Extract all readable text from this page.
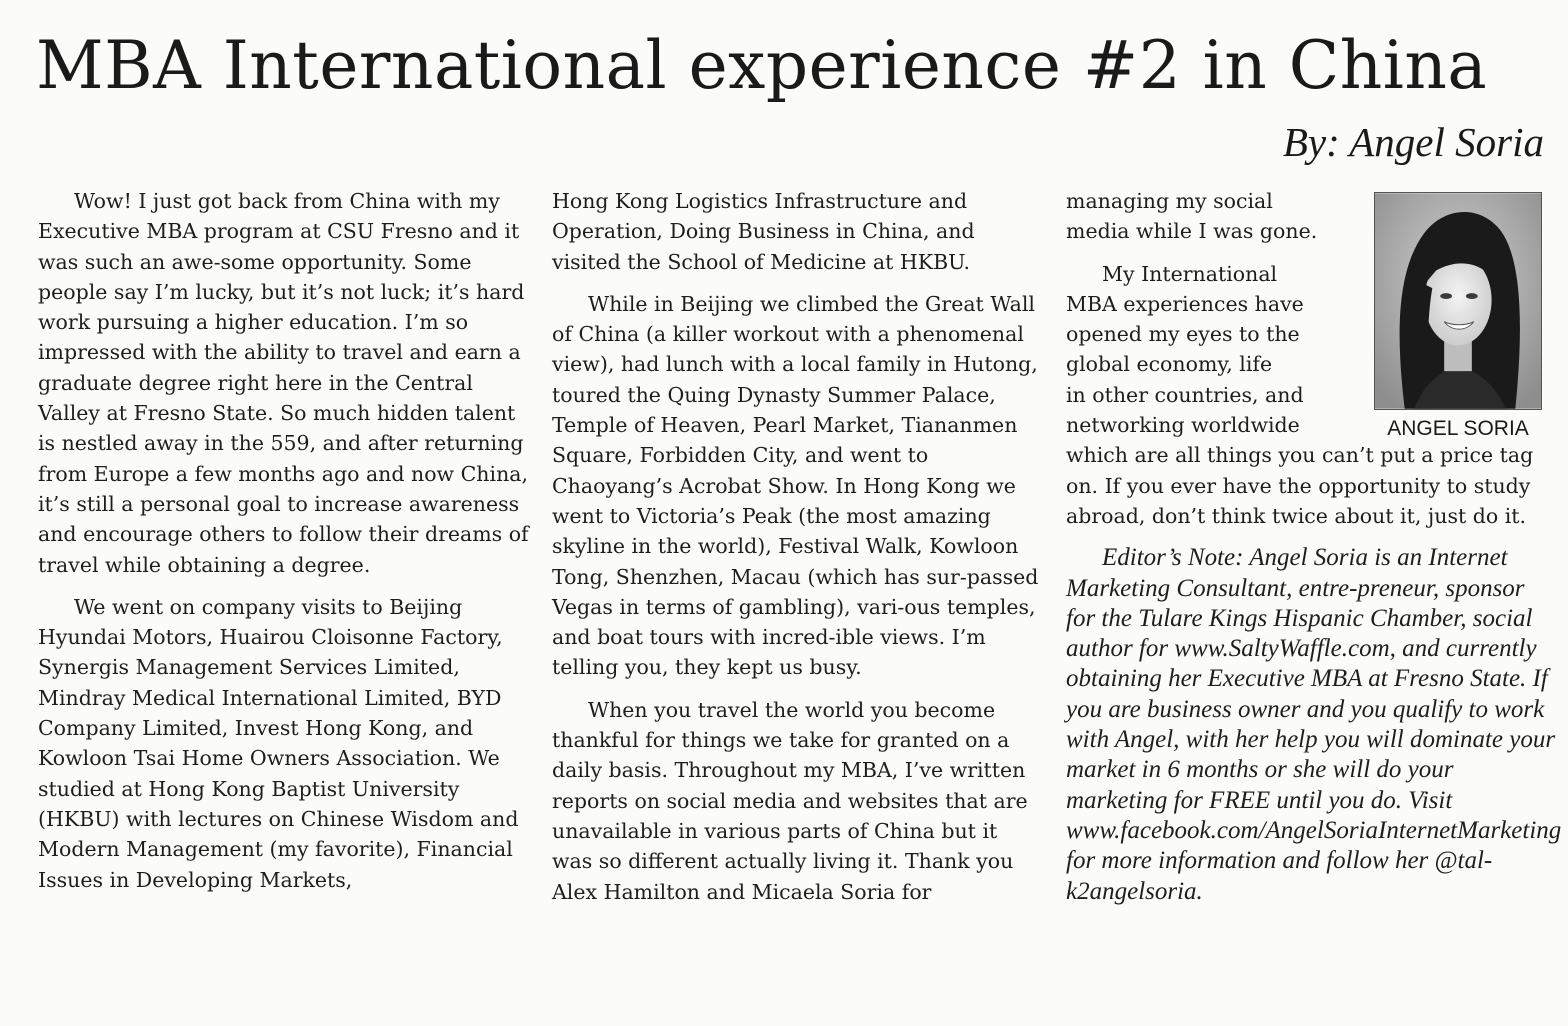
MBA International experience #2 in China
By: Angel Soria

Wow! I just got back from China with my Executive MBA program at CSU Fresno and it was such an awe-some opportunity. Some people say I’m lucky, but it’s not luck; it’s hard work pursuing a higher education. I’m so impressed with the ability to travel and earn a graduate degree right here in the Central Valley at Fresno State. So much hidden talent is nestled away in the 559, and after returning from Europe a few months ago and now China, it’s still a personal goal to increase awareness and encourage others to follow their dreams of travel while obtaining a degree.

We went on company visits to Beijing Hyundai Motors, Huairou Cloisonne Factory, Synergis Management Services Limited, Mindray Medical International Limited, BYD Company Limited, Invest Hong Kong, and Kowloon Tsai Home Owners Association. We studied at Hong Kong Baptist University (HKBU) with lectures on Chinese Wisdom and Modern Management (my favorite), Financial Issues in Developing Markets,

Hong Kong Logistics Infrastructure and Operation, Doing Business in China, and visited the School of Medicine at HKBU.

While in Beijing we climbed the Great Wall of China (a killer workout with a phenomenal view), had lunch with a local family in Hutong, toured the Quing Dynasty Summer Palace, Temple of Heaven, Pearl Market, Tiananmen Square, Forbidden City, and went to Chaoyang’s Acrobat Show. In Hong Kong we went to Victoria’s Peak (the most amazing skyline in the world), Festival Walk, Kowloon Tong, Shenzhen, Macau (which has sur-passed Vegas in terms of gambling), vari-ous temples, and boat tours with incred-ible views. I’m telling you, they kept us busy.

When you travel the world you become thankful for things we take for granted on a daily basis. Throughout my MBA, I’ve written reports on social media and websites that are unavailable in various parts of China but it was so different actually living it. Thank you Alex Hamilton and Micaela Soria for

managing my social
media while I was gone.

My International
MBA experiences have
opened my eyes to the
global economy, life
in other countries, and
networking worldwide
which are all things you can’t put a price tag on. If you ever have the opportunity to study abroad, don’t think twice about it, just do it.

Editor’s Note: Angel Soria is an Internet Marketing Consultant, entre-preneur, sponsor for the Tulare Kings Hispanic Chamber, social author for www.SaltyWaffle.com, and currently obtaining her Executive MBA at Fresno State. If you are business owner and you qualify to work with Angel, with her help you will dominate your market in 6 months or she will do your marketing for FREE until you do. Visit www.facebook.com/AngelSoriaInternetMarketing for more information and follow her @tal-k2angelsoria.

ANGEL SORIA
